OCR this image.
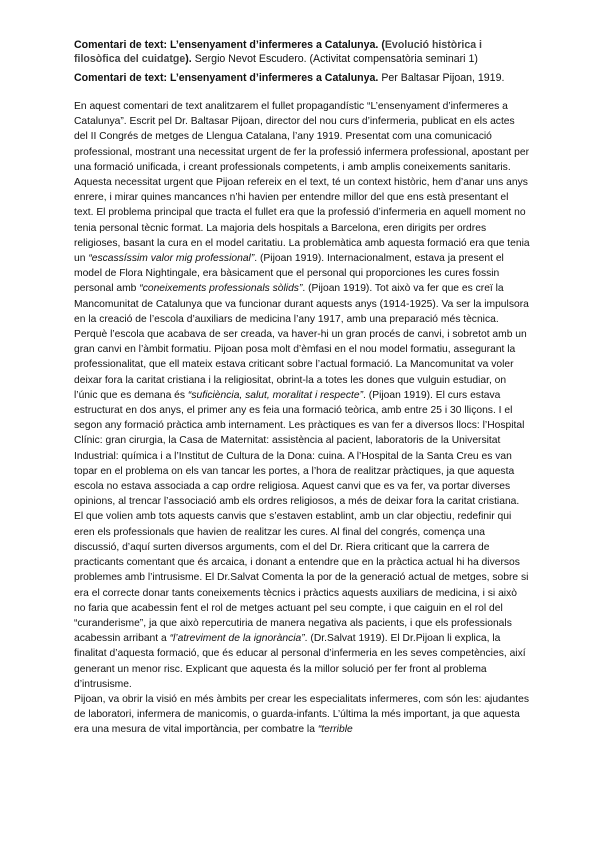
Comentari de text: L’ensenyament d’infermeres a Catalunya. (Evolució històrica i filosòfica del cuidatge). Sergio Nevot Escudero. (Activitat compensatòria seminari 1)

Comentari de text: L’ensenyament d’infermeres a Catalunya. Per Baltasar Pijoan, 1919.

En aquest comentari de text analitzarem el fullet propagandístic “L’ensenyament d’infermeres a Catalunya”. Escrit pel Dr. Baltasar Pijoan, director del nou curs d’infermeria, publicat en els actes del II Congrés de metges de Llengua Catalana, l’any 1919. Presentat com una comunicació professional, mostrant una necessitat urgent de fer la professió infermera professional, apostant per una formació unificada, i creant professionals competents, i amb amplis coneixements sanitaris. Aquesta necessitat urgent que Pijoan refereix en el text, té un context històric, hem d’anar uns anys enrere, i mirar quines mancances n’hi havien per entendre millor del que ens està presentant el text. El problema principal que tracta el fullet era que la professió d’infermeria en aquell moment no tenia personal tècnic format. La majoria dels hospitals a Barcelona, eren dirigits per ordres religioses, basant la cura en el model caritatiu. La problemàtica amb aquesta formació era que tenia un “escassíssim valor mig professional”. (Pijoan 1919). Internacionalment, estava ja present el model de Flora Nightingale, era bàsicament que el personal qui proporciones les cures fossin personal amb “coneixements professionals sòlids”. (Pijoan 1919). Tot això va fer que es creï la Mancomunitat de Catalunya que va funcionar durant aquests anys (1914-1925). Va ser la impulsora en la creació de l’escola d’auxiliars de medicina l’any 1917, amb una preparació més tècnica. Perquè l’escola que acabava de ser creada, va haver-hi un gran procés de canvi, i sobretot amb un gran canvi en l’àmbit formatiu. Pijoan posa molt d’èmfasi en el nou model formatiu, assegurant la professionalitat, que ell mateix estava criticant sobre l’actual formació. La Mancomunitat va voler deixar fora la caritat cristiana i la religiositat, obrint-la a totes les dones que vulguin estudiar, on l’únic que es demana és “suficiència, salut, moralitat i respecte”. (Pijoan 1919). El curs estava estructurat en dos anys, el primer any es feia una formació teòrica, amb entre 25 i 30 lliçons. I el segon any formació pràctica amb internament. Les pràctiques es van fer a diversos llocs: l’Hospital Clínic: gran cirurgia, la Casa de Maternitat: assistència al pacient, laboratoris de la Universitat Industrial: química i a l’Institut de Cultura de la Dona: cuina. A l’Hospital de la Santa Creu es van topar en el problema on els van tancar les portes, a l’hora de realitzar pràctiques, ja que aquesta escola no estava associada a cap ordre religiosa. Aquest canvi que es va fer, va portar diverses opinions, al trencar l’associació amb els ordres religiosos, a més de deixar fora la caritat cristiana. El que volien amb tots aquests canvis que s’estaven establint, amb un clar objectiu, redefinir qui eren els professionals que havien de realitzar les cures. Al final del congrés, comença una discussió, d’aquí surten diversos arguments, com el del Dr. Riera criticant que la carrera de practicants comentant que és arcaica, i donant a entendre que en la pràctica actual hi ha diversos problemes amb l’intrusisme. El Dr.Salvat Comenta la por de la generació actual de metges, sobre si era el correcte donar tants coneixements tècnics i pràctics aquests auxiliars de medicina, i si això no faria que acabessin fent el rol de metges actuant pel seu compte, i que caiguin en el rol del “curanderisme”, ja que això repercutiria de manera negativa als pacients, i que els professionals acabessin arribant a “l’atreviment de la ignorància”. (Dr.Salvat 1919). El Dr.Pijoan li explica, la finalitat d’aquesta formació, que és educar al personal d’infermeria en les seves competències, així generant un menor risc. Explicant que aquesta és la millor solució per fer front al problema d’intrusisme.

Pijoan, va obrir la visió en més àmbits per crear les especialitats infermeres, com són les: ajudantes de laboratori, infermera de manicomis, o guarda-infants. L’última la més important, ja que aquesta era una mesura de vital importància, per combatre la “terrible
